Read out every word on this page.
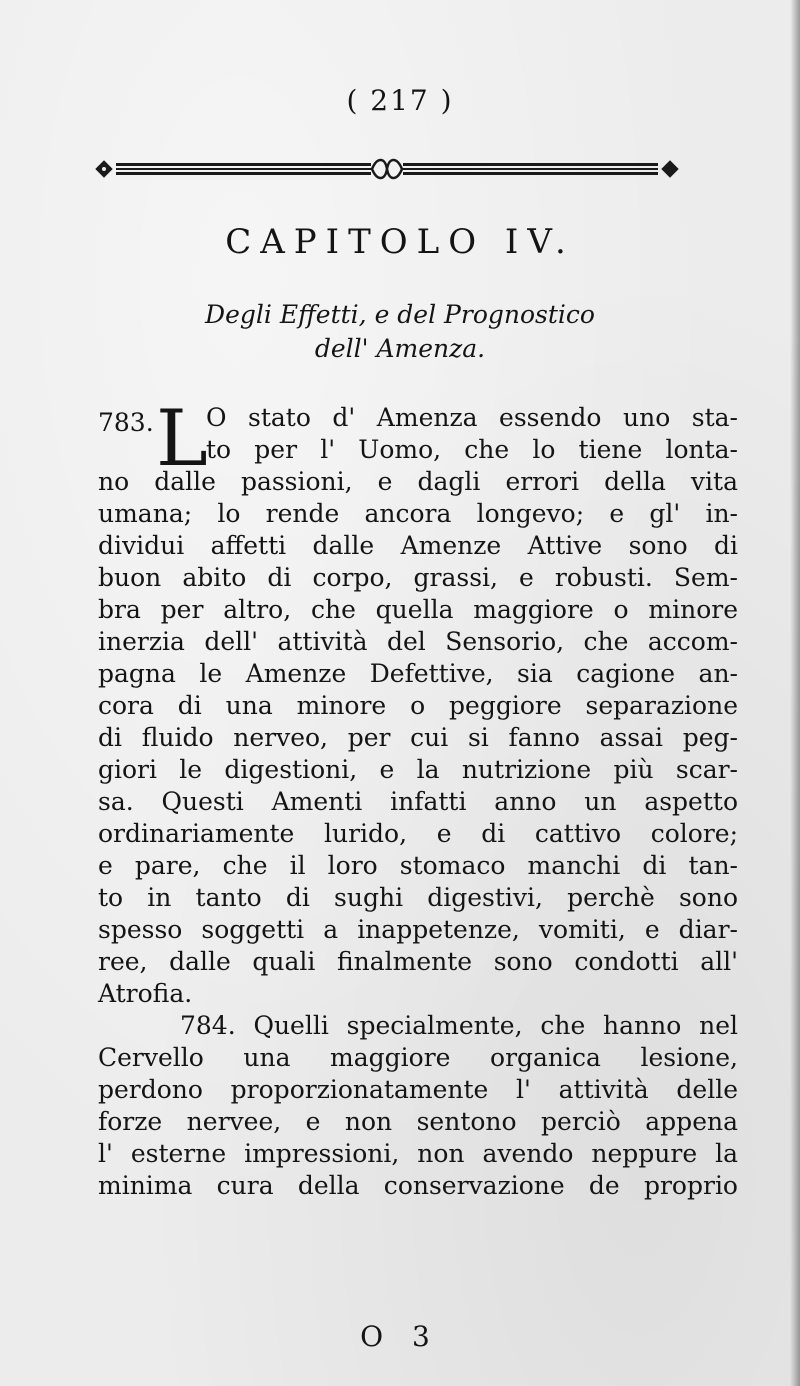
( 217 )
CAPITOLO IV.
Degli Effetti, e del Prognostico
dell' Amenza.
783. L
O stato d' Amenza essendo uno sta-
to per l' Uomo, che lo tiene lonta-
no dalle passioni, e dagli errori della vita
umana; lo rende ancora longevo; e gl' in-
dividui affetti dalle Amenze Attive sono di
buon abito di corpo, grassi, e robusti. Sem-
bra per altro, che quella maggiore o minore
inerzia dell' attività del Sensorio, che accom-
pagna le Amenze Defettive, sia cagione an-
cora di una minore o peggiore separazione
di fluido nerveo, per cui si fanno assai peg-
giori le digestioni, e la nutrizione più scar-
sa. Questi Amenti infatti anno un aspetto
ordinariamente lurido, e di cattivo colore;
e pare, che il loro stomaco manchi di tan-
to in tanto di sughi digestivi, perchè sono
spesso soggetti a inappetenze, vomiti, e diar-
ree, dalle quali finalmente sono condotti all'
Atrofia.
784. Quelli specialmente, che hanno nel
Cervello una maggiore organica lesione,
perdono proporzionatamente l' attività delle
forze nervee, e non sentono perciò appena
l' esterne impressioni, non avendo neppure la
minima cura della conservazione de proprio
O 3
